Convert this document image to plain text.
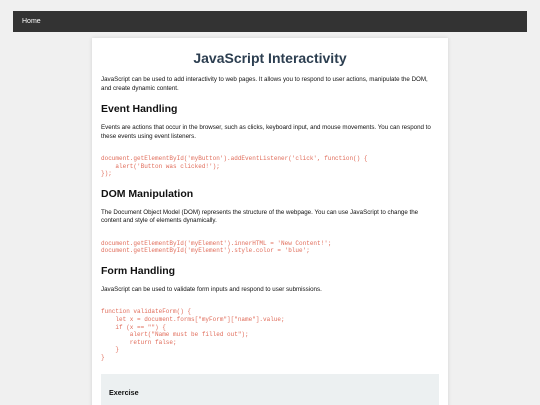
Home
JavaScript Interactivity

JavaScript can be used to add interactivity to web pages. It allows you to respond to user actions, manipulate the DOM, and create dynamic content.

Event Handling

Events are actions that occur in the browser, such as clicks, keyboard input, and mouse movements. You can respond to these events using event listeners.

document.getElementById('myButton').addEventListener('click', function() {
alert('Button was clicked!');
});
DOM Manipulation

The Document Object Model (DOM) represents the structure of the webpage. You can use JavaScript to change the content and style of elements dynamically.

document.getElementById('myElement').innerHTML = 'New Content!';
document.getElementById('myElement').style.color = 'blue';
Form Handling

JavaScript can be used to validate form inputs and respond to user submissions.

function validateForm() {
let x = document.forms["myForm"]["name"].value;
if (x == "") {
alert("Name must be filled out");
return false;
}
}
Exercise
